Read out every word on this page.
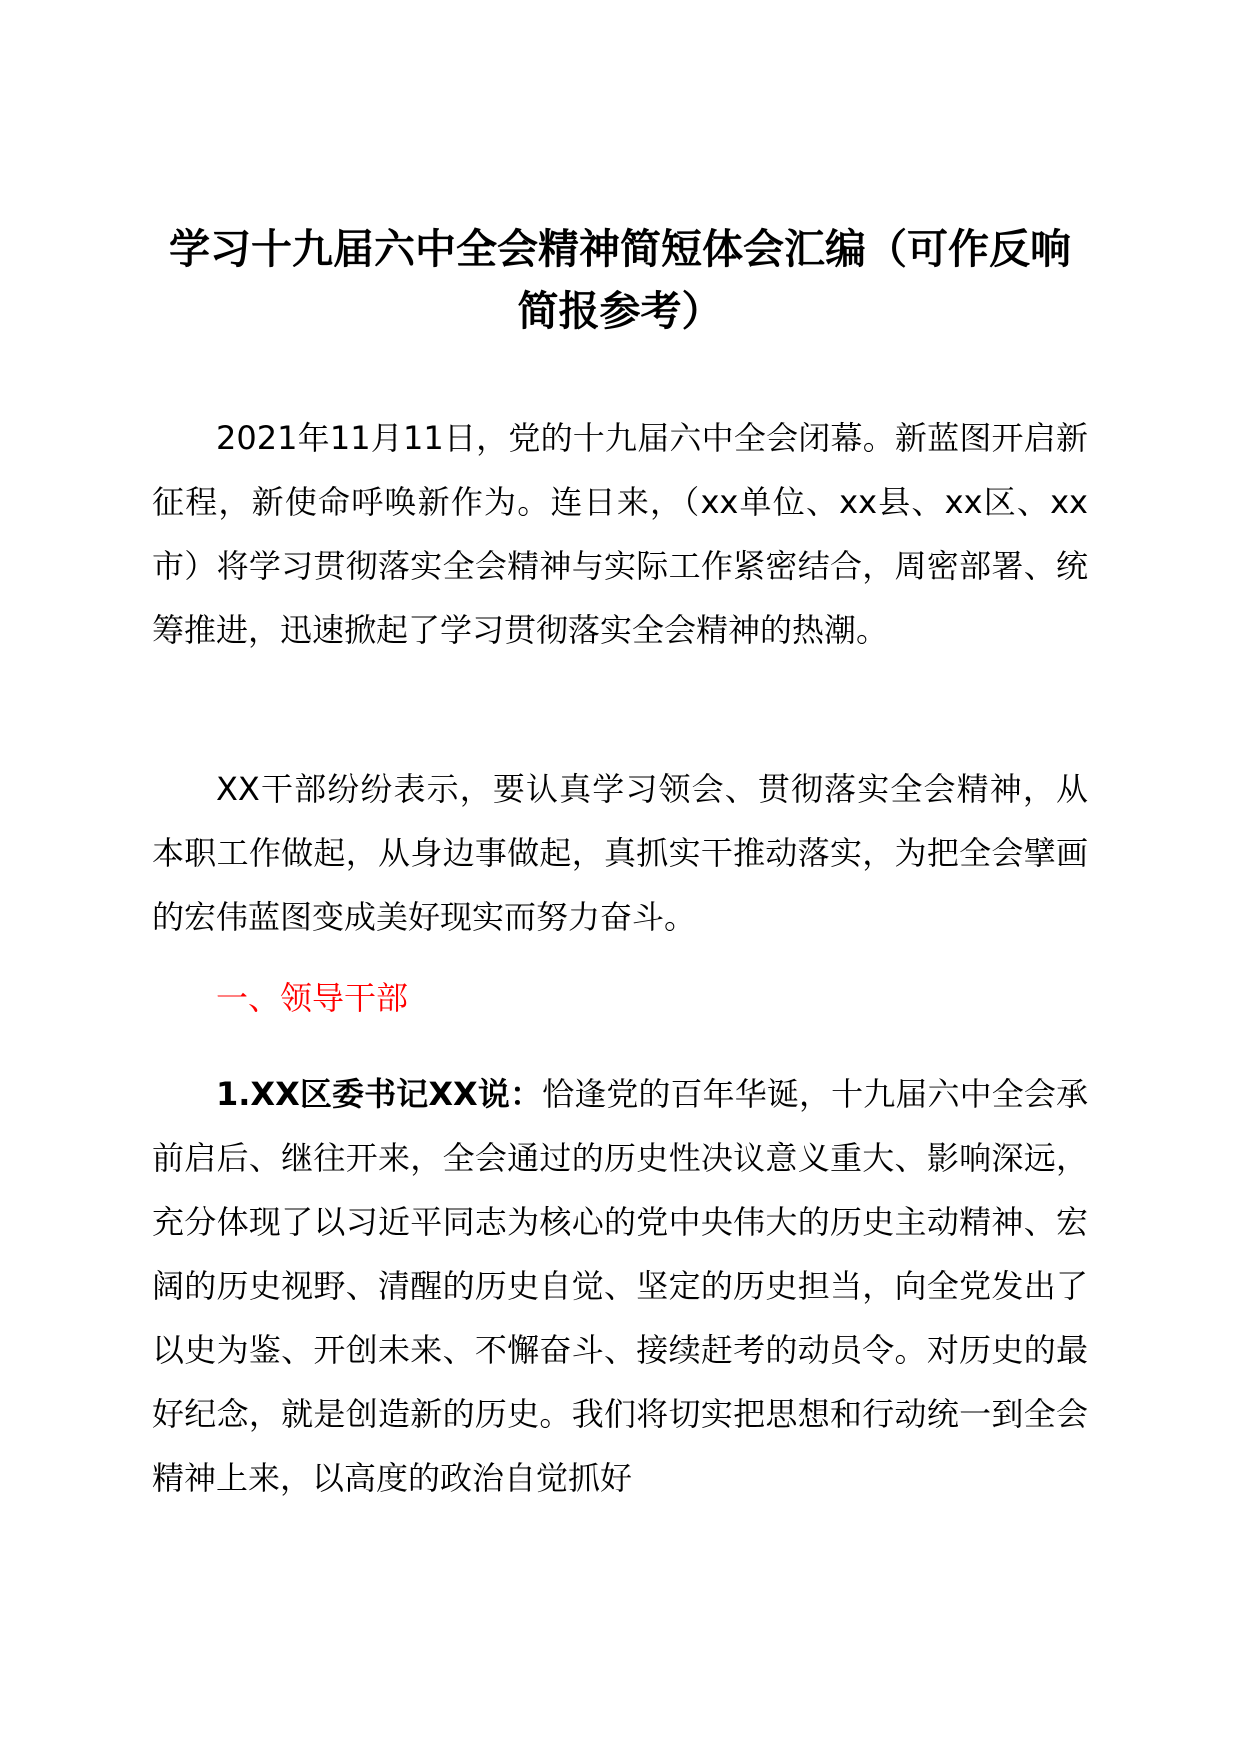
学习十九届六中全会精神简短体会汇编（可作反响简报参考）

2021年11月11日，党的十九届六中全会闭幕。新蓝图开启新征程，新使命呼唤新作为。连日来，（xx单位、xx县、xx区、xx市）将学习贯彻落实全会精神与实际工作紧密结合，周密部署、统筹推进，迅速掀起了学习贯彻落实全会精神的热潮。

XX干部纷纷表示，要认真学习领会、贯彻落实全会精神，从本职工作做起，从身边事做起，真抓实干推动落实，为把全会擘画的宏伟蓝图变成美好现实而努力奋斗。

一、领导干部

1.XX区委书记XX说：恰逢党的百年华诞，十九届六中全会承前启后、继往开来，全会通过的历史性决议意义重大、影响深远，充分体现了以习近平同志为核心的党中央伟大的历史主动精神、宏阔的历史视野、清醒的历史自觉、坚定的历史担当，向全党发出了以史为鉴、开创未来、不懈奋斗、接续赶考的动员令。对历史的最好纪念，就是创造新的历史。我们将切实把思想和行动统一到全会精神上来，以高度的政治自觉抓好
